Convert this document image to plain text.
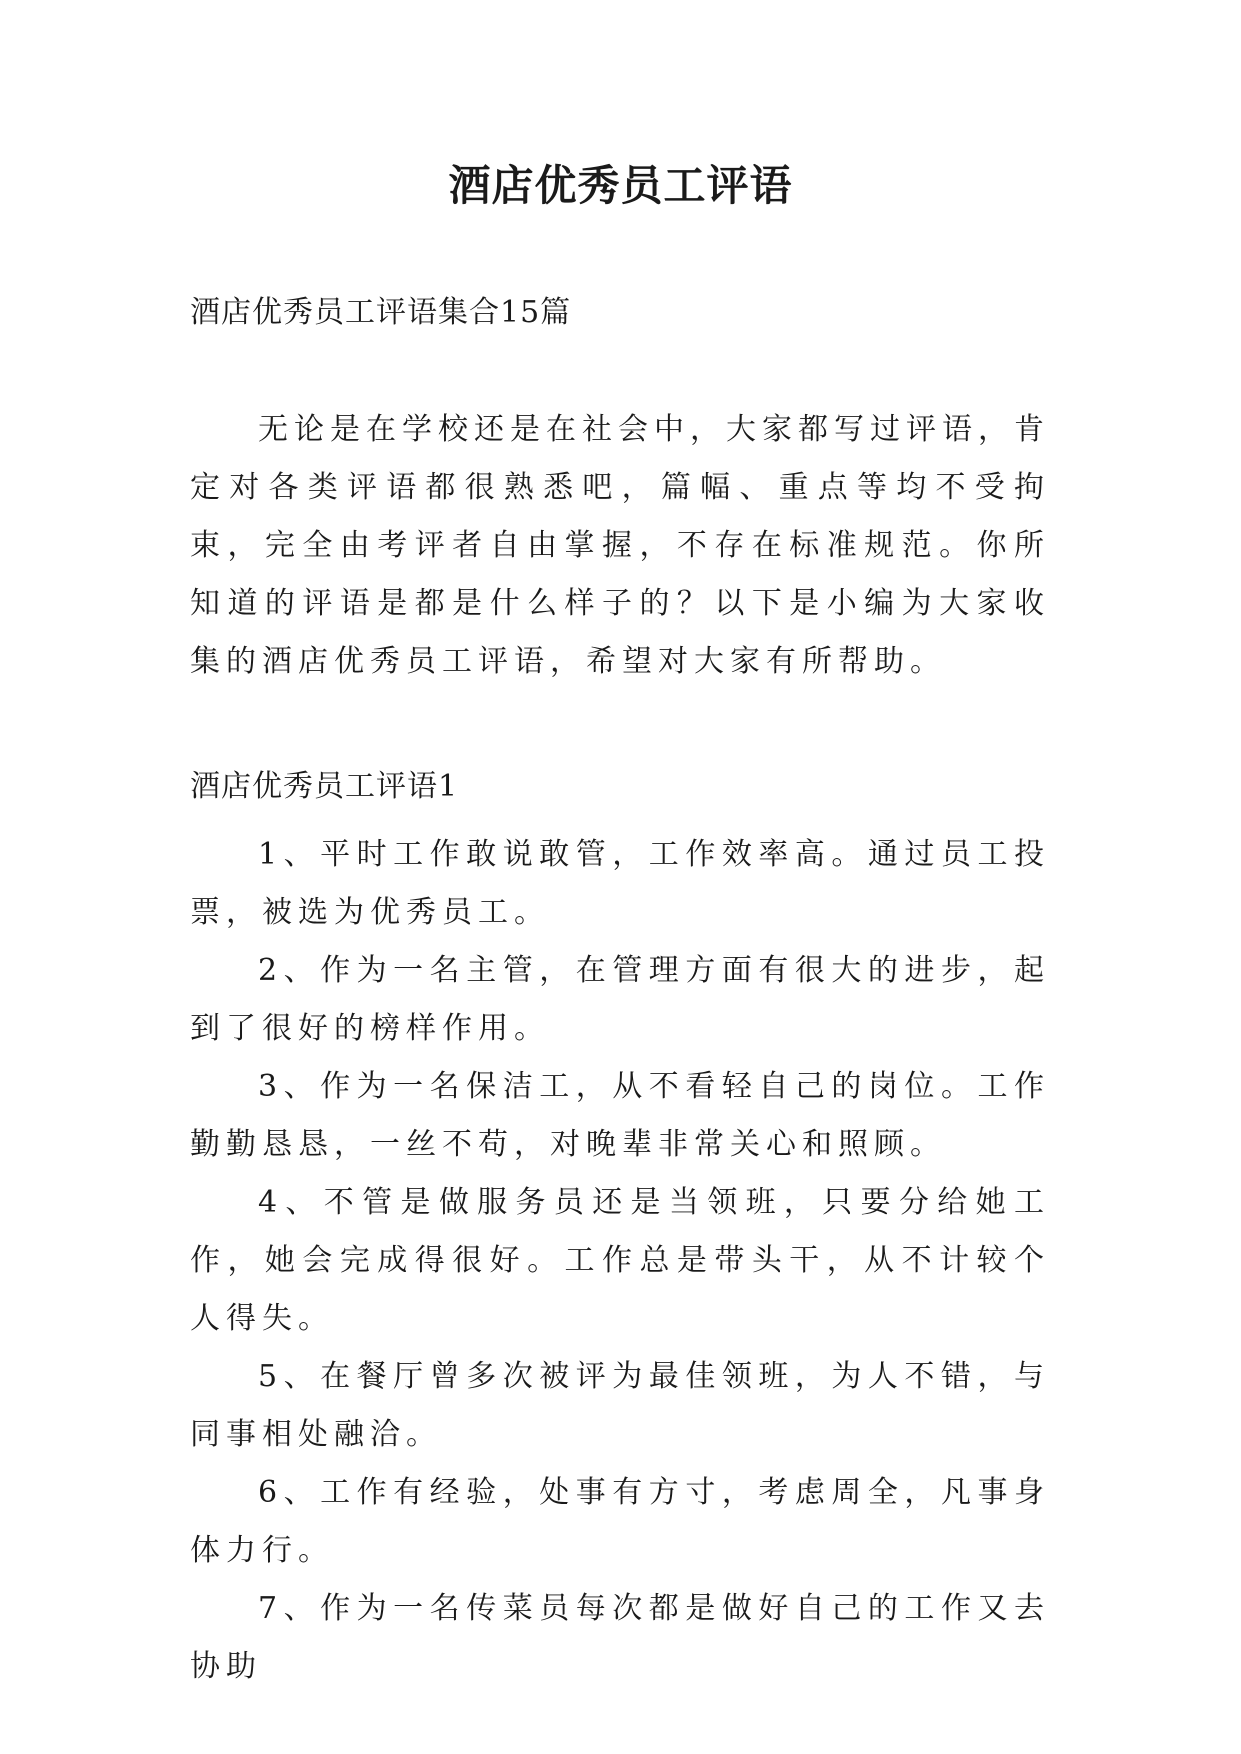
酒店优秀员工评语

酒店优秀员工评语集合15篇

无论是在学校还是在社会中，大家都写过评语，肯定对各类评语都很熟悉吧，篇幅、重点等均不受拘束，完全由考评者自由掌握，不存在标准规范。你所知道的评语是都是什么样子的？以下是小编为大家收集的酒店优秀员工评语，希望对大家有所帮助。

酒店优秀员工评语1

1、平时工作敢说敢管，工作效率高。通过员工投票，被选为优秀员工。

2、作为一名主管，在管理方面有很大的进步，起到了很好的榜样作用。

3、作为一名保洁工，从不看轻自己的岗位。工作勤勤恳恳，一丝不苟，对晚辈非常关心和照顾。

4、不管是做服务员还是当领班，只要分给她工作，她会完成得很好。工作总是带头干，从不计较个人得失。

5、在餐厅曾多次被评为最佳领班，为人不错，与同事相处融洽。

6、工作有经验，处事有方寸，考虑周全，凡事身体力行。

7、作为一名传菜员每次都是做好自己的工作又去协助
